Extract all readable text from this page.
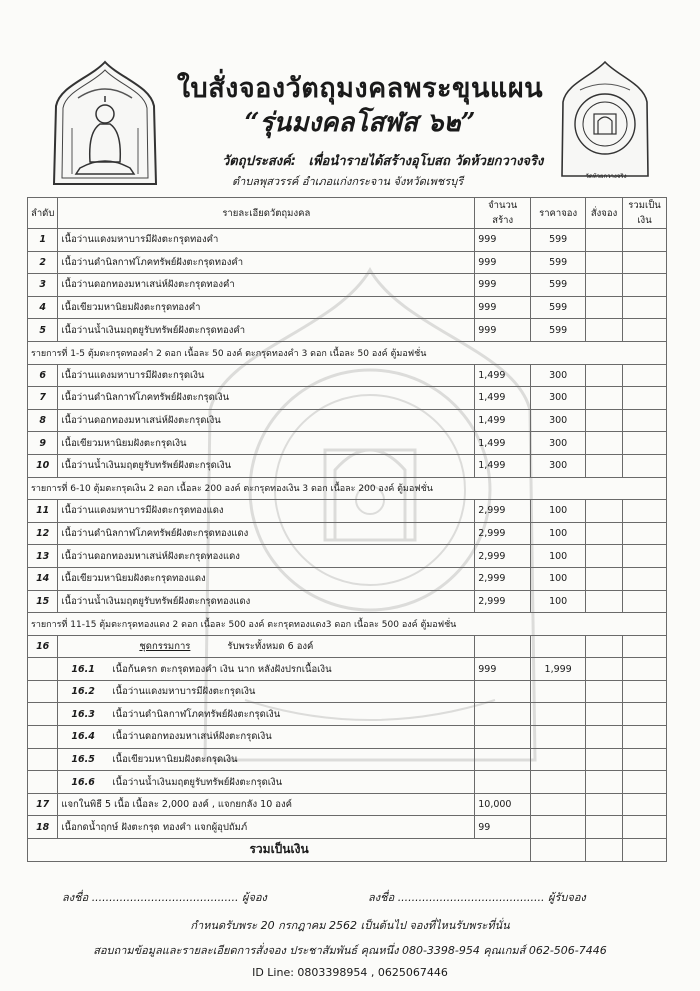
ใบสั่งจองวัตถุมงคลพระขุนแผน
“รุ่นมงคลโสฬส ๖๒”
วัตถุประสงค์: เพื่อนำรายได้สร้างอุโบสถ วัดห้วยกวางจริง
ตำบลพุสวรรค์ อำเภอแก่งกระจาน จังหวัดเพชรบุรี	วัดห้วยกวางจริง
ลำดับ	รายละเอียดวัตถุมงคล	จำนวนสร้าง	ราคาจอง	สั่งจอง	รวมเป็นเงิน
1	เนื้อว่านแดงมหาบารมีฝังตะกรุดทองคำ	999	599		
2	เนื้อว่านดำนิลกาฬโภคทรัพย์ฝังตะกรุดทองคำ	999	599		
3	เนื้อว่านดอกทองมหาเสน่ห์ฝังตะกรุดทองคำ	999	599		
4	เนื้อเขียวมหานิยมฝังตะกรุดทองคำ	999	599		
5	เนื้อว่านน้ำเงินมฤตยูรับทรัพย์ฝังตะกรุดทองคำ	999	599		
รายการที่ 1-5 ตุ้มตะกรุดทองคำ 2 ดอก เนื้อละ 50 องค์ ตะกรุดทองคำ 3 ดอก เนื้อละ 50 องค์ ตู้มอฟชั่น					
6	เนื้อว่านแดงมหาบารมีฝังตะกรุดเงิน	1,499	300		
7	เนื้อว่านดำนิลกาฬโภคทรัพย์ฝังตะกรุดเงิน	1,499	300		
8	เนื้อว่านดอกทองมหาเสน่ห์ฝังตะกรุดเงิน	1,499	300		
9	เนื้อเขียวมหานิยมฝังตะกรุดเงิน	1,499	300		
10	เนื้อว่านน้ำเงินมฤตยูรับทรัพย์ฝังตะกรุดเงิน	1,499	300		
รายการที่ 6-10 ตุ้มตะกรุดเงิน 2 ดอก เนื้อละ 200 องค์ ตะกรุดทองเงิน 3 ดอก เนื้อละ 200 องค์ ตู้มอฟชั่น					
11	เนื้อว่านแดงมหาบารมีฝังตะกรุดทองแดง	2,999	100		
12	เนื้อว่านดำนิลกาฬโภคทรัพย์ฝังตะกรุดทองแดง	2,999	100		
13	เนื้อว่านดอกทองมหาเสน่ห์ฝังตะกรุดทองแดง	2,999	100		
14	เนื้อเขียวมหานิยมฝังตะกรุดทองแดง	2,999	100		
15	เนื้อว่านน้ำเงินมฤตยูรับทรัพย์ฝังตะกรุดทองแดง	2,999	100		
รายการที่ 11-15 ตุ้มตะกรุดทองแดง 2 ดอก เนื้อละ 500 องค์ ตะกรุดทองแดง3 ดอก เนื้อละ 500 องค์ ตู้มอฟชั่น					
16	ชุดกรรมการ รับพระทั้งหมด 6 องค์				
	16.1 เนื้อก้นครก ตะกรุดทองคำ เงิน นาก หลังฝังปรกเนื้อเงิน	999	1,999		
	16.2 เนื้อว่านแดงมหาบารมีฝังตะกรุดเงิน				
	16.3 เนื้อว่านดำนิลกาฬโภคทรัพย์ฝังตะกรุดเงิน				
	16.4 เนื้อว่านดอกทองมหาเสน่ห์ฝังตะกรุดเงิน				
	16.5 เนื้อเขียวมหานิยมฝังตะกรุดเงิน				
	16.6 เนื้อว่านน้ำเงินมฤตยูรับทรัพย์ฝังตะกรุดเงิน				
17	แจกในพิธี 5 เนื้อ เนื้อละ 2,000 องค์ , แจกยกลัง 10 องค์	10,000			
18	เนื้อกดน้ำฤกษ์ ฝังตะกรุด ทองคำ แจกผู้อุปถัมภ์	99			
รวมเป็นเงิน					
ลงชื่อ .......................................... ผู้จอง	ลงชื่อ .......................................... ผู้รับจอง
กำหนดรับพระ 20 กรกฎาคม 2562 เป็นต้นไป จองที่ไหนรับพระที่นั่น
สอบถามข้อมูลและรายละเอียดการสั่งจอง ประชาสัมพันธ์ คุณหนึ่ง 080-3398-954 คุณเกมส์ 062-506-7446
ID Line: 0803398954 , 0625067446
